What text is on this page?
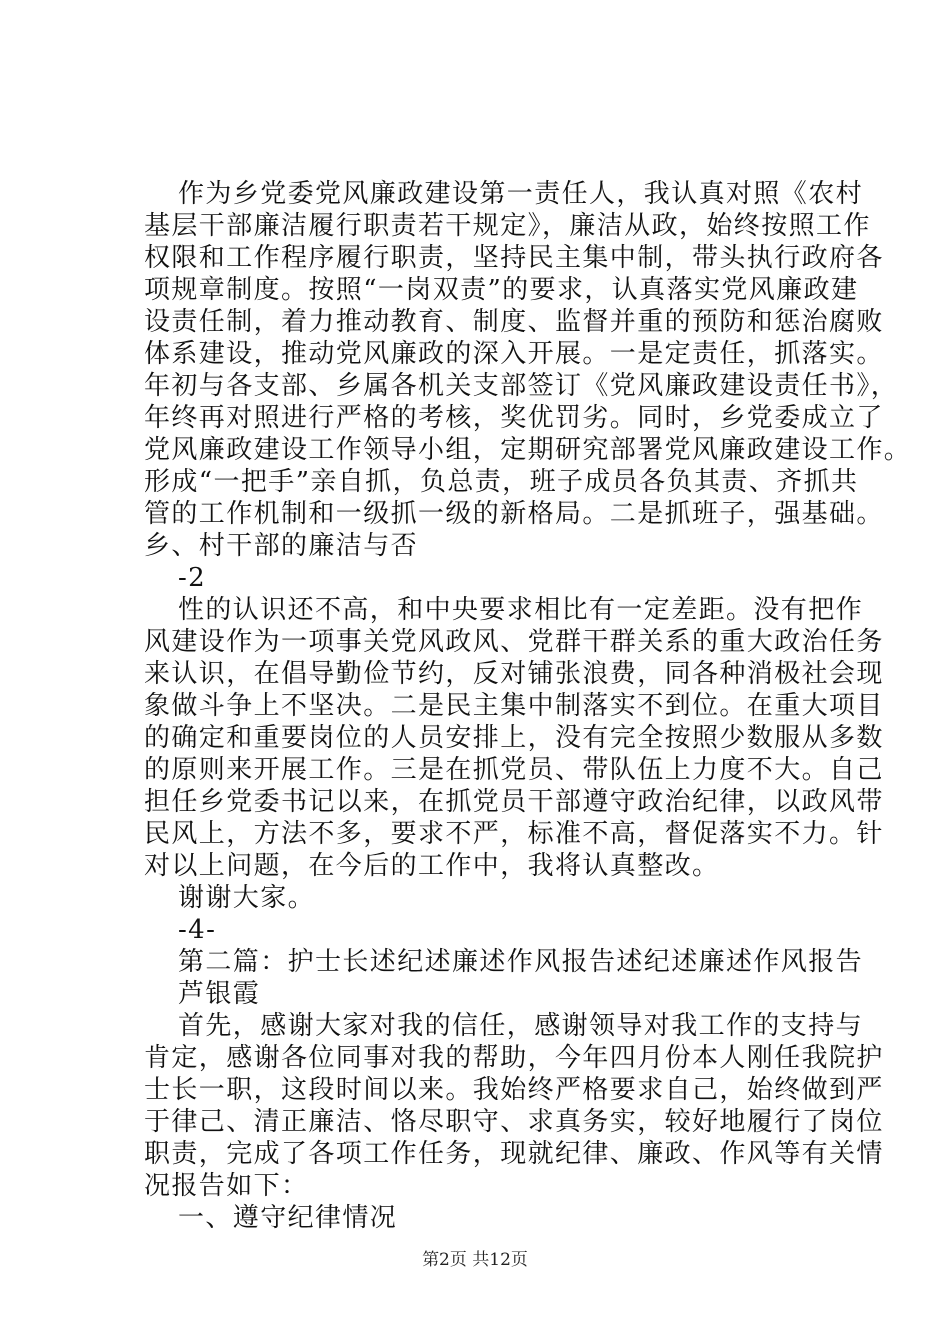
作为乡党委党风廉政建设第一责任人，我认真对照《农村

基层干部廉洁履行职责若干规定》，廉洁从政，始终按照工作

权限和工作程序履行职责，坚持民主集中制，带头执行政府各

项规章制度。按照“一岗双责”的要求，认真落实党风廉政建

设责任制，着力推动教育、制度、监督并重的预防和惩治腐败

体系建设，推动党风廉政的深入开展。一是定责任，抓落实。

年初与各支部、乡属各机关支部签订《党风廉政建设责任书》，

年终再对照进行严格的考核，奖优罚劣。同时，乡党委成立了

党风廉政建设工作领导小组，定期研究部署党风廉政建设工作。

形成“一把手”亲自抓，负总责，班子成员各负其责、齐抓共

管的工作机制和一级抓一级的新格局。二是抓班子，强基础。

乡、村干部的廉洁与否

-2

性的认识还不高，和中央要求相比有一定差距。没有把作

风建设作为一项事关党风政风、党群干群关系的重大政治任务

来认识，在倡导勤俭节约，反对铺张浪费，同各种消极社会现

象做斗争上不坚决。二是民主集中制落实不到位。在重大项目

的确定和重要岗位的人员安排上，没有完全按照少数服从多数

的原则来开展工作。三是在抓党员、带队伍上力度不大。自己

担任乡党委书记以来，在抓党员干部遵守政治纪律，以政风带

民风上，方法不多，要求不严，标准不高，督促落实不力。针

对以上问题，在今后的工作中，我将认真整改。

谢谢大家。

-4-

第二篇：护士长述纪述廉述作风报告述纪述廉述作风报告

芦银霞

首先，感谢大家对我的信任，感谢领导对我工作的支持与

肯定，感谢各位同事对我的帮助，今年四月份本人刚任我院护

士长一职，这段时间以来。我始终严格要求自己，始终做到严

于律己、清正廉洁、恪尽职守、求真务实，较好地履行了岗位

职责，完成了各项工作任务，现就纪律、廉政、作风等有关情

况报告如下：

一、遵守纪律情况

第2页 共12页
